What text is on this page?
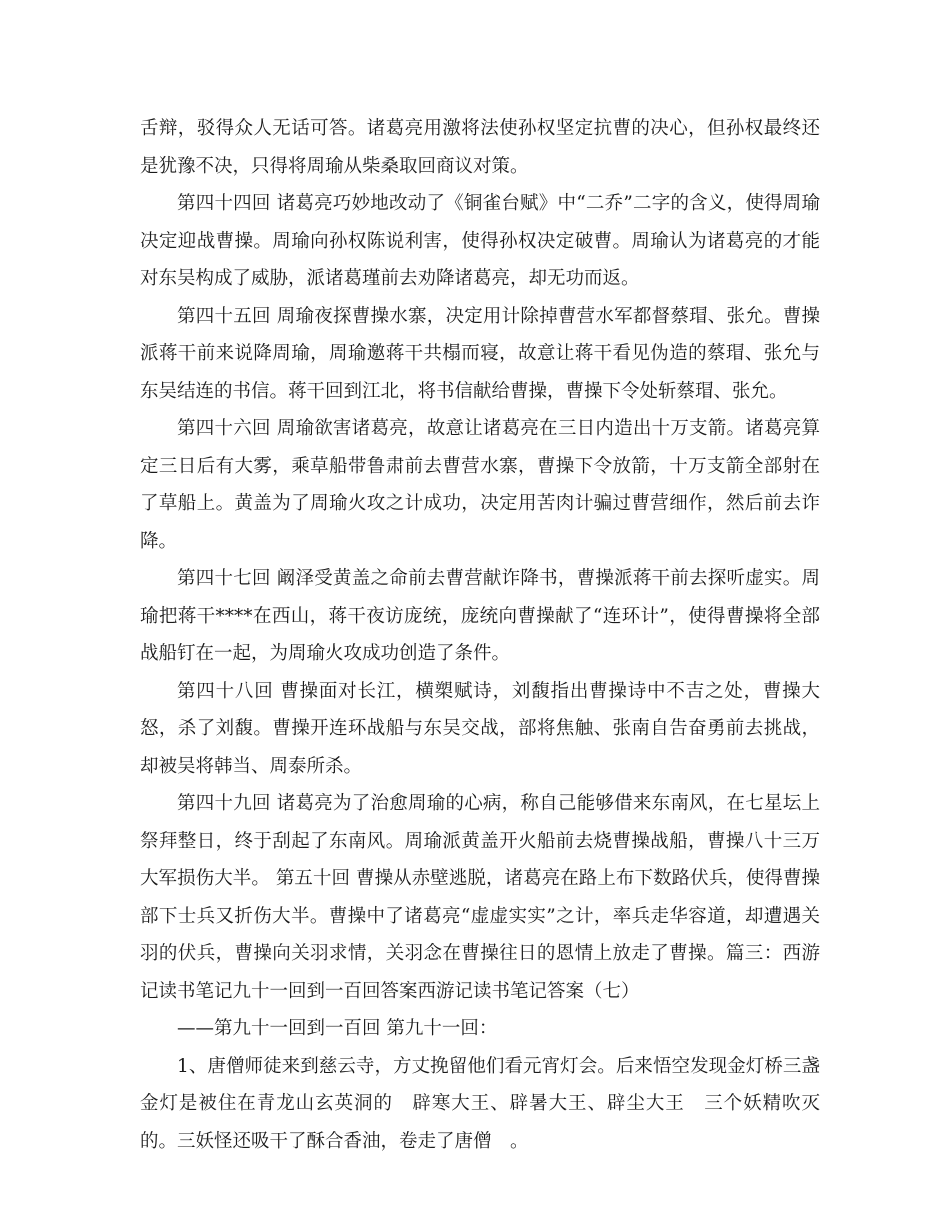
舌辩，驳得众人无话可答。诸葛亮用激将法使孙权坚定抗曹的决心，但孙权最终还是犹豫不决，只得将周瑜从柴桑取回商议对策。

第四十四回 诸葛亮巧妙地改动了《铜雀台赋》中“二乔”二字的含义，使得周瑜决定迎战曹操。周瑜向孙权陈说利害，使得孙权决定破曹。周瑜认为诸葛亮的才能对东吴构成了威胁，派诸葛瑾前去劝降诸葛亮，却无功而返。

第四十五回 周瑜夜探曹操水寨，决定用计除掉曹营水军都督蔡瑁、张允。曹操派蒋干前来说降周瑜，周瑜邀蒋干共榻而寝，故意让蒋干看见伪造的蔡瑁、张允与东吴结连的书信。蒋干回到江北，将书信献给曹操，曹操下令处斩蔡瑁、张允。

第四十六回 周瑜欲害诸葛亮，故意让诸葛亮在三日内造出十万支箭。诸葛亮算定三日后有大雾，乘草船带鲁肃前去曹营水寨，曹操下令放箭，十万支箭全部射在了草船上。黄盖为了周瑜火攻之计成功，决定用苦肉计骗过曹营细作，然后前去诈降。

第四十七回 阚泽受黄盖之命前去曹营献诈降书，曹操派蒋干前去探听虚实。周瑜把蒋干****在西山，蒋干夜访庞统，庞统向曹操献了“连环计”，使得曹操将全部战船钉在一起，为周瑜火攻成功创造了条件。

第四十八回 曹操面对长江，横槊赋诗，刘馥指出曹操诗中不吉之处，曹操大怒，杀了刘馥。曹操开连环战船与东吴交战，部将焦触、张南自告奋勇前去挑战，却被吴将韩当、周泰所杀。

第四十九回 诸葛亮为了治愈周瑜的心病，称自己能够借来东南风，在七星坛上祭拜整日，终于刮起了东南风。周瑜派黄盖开火船前去烧曹操战船，曹操八十三万大军损伤大半。 第五十回 曹操从赤壁逃脱，诸葛亮在路上布下数路伏兵，使得曹操部下士兵又折伤大半。曹操中了诸葛亮“虚虚实实”之计，率兵走华容道，却遭遇关羽的伏兵，曹操向关羽求情，关羽念在曹操往日的恩情上放走了曹操。篇三：西游记读书笔记九十一回到一百回答案西游记读书笔记答案（七）

——第九十一回到一百回 第九十一回：

1、唐僧师徒来到慈云寺，方丈挽留他们看元宵灯会。后来悟空发现金灯桥三盏金灯是被住在青龙山玄英洞的　辟寒大王、辟暑大王、辟尘大王　三个妖精吹灭的。三妖怪还吸干了酥合香油，卷走了唐僧　。
